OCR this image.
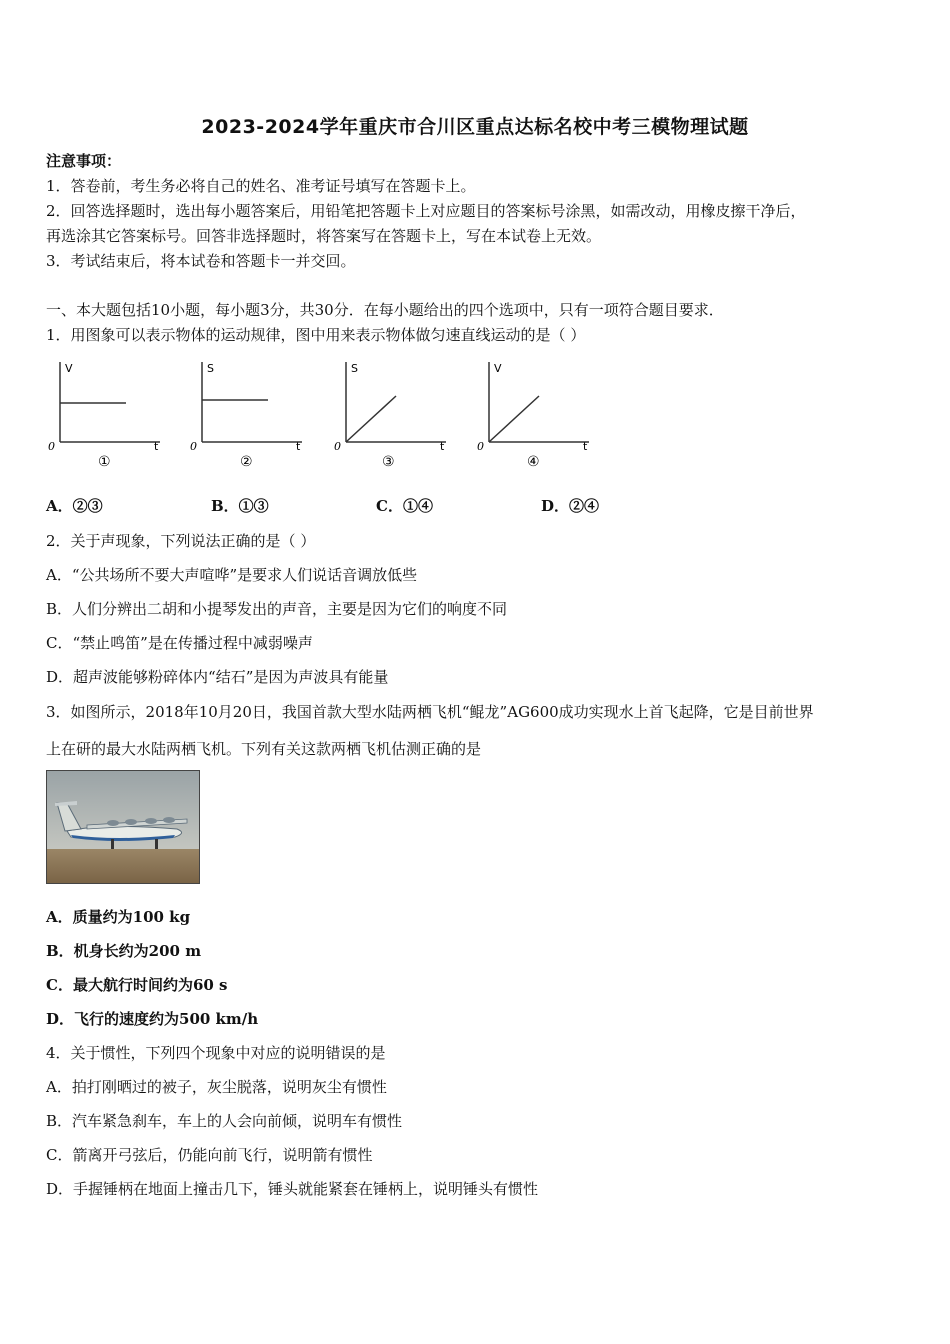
2023-2024学年重庆市合川区重点达标名校中考三模物理试题
注意事项：
1．答卷前，考生务必将自己的姓名、准考证号填写在答题卡上。
2．回答选择题时，选出每小题答案后，用铅笔把答题卡上对应题目的答案标号涂黑，如需改动，用橡皮擦干净后，
再选涂其它答案标号。回答非选择题时，将答案写在答题卡上，写在本试卷上无效。
3．考试结束后，将本试卷和答题卡一并交回。
一、本大题包括10小题，每小题3分，共30分．在每小题给出的四个选项中，只有一项符合题目要求．
1．用图象可以表示物体的运动规律，图中用来表示物体做匀速直线运动的是（ ）
V
t
0
①
S
t
0
②
S
t
0
③
V
t
0
④
A．②③	B．①③	C．①④	D．②④
2．关于声现象，下列说法正确的是（ ）
A．“公共场所不要大声喧哗”是要求人们说话音调放低些
B．人们分辨出二胡和小提琴发出的声音，主要是因为它们的响度不同
C．“禁止鸣笛”是在传播过程中减弱噪声
D．超声波能够粉碎体内“结石”是因为声波具有能量
3．如图所示，2018年10月20日，我国首款大型水陆两栖飞机“鲲龙”AG600成功实现水上首飞起降，它是目前世界
上在研的最大水陆两栖飞机。下列有关这款两栖飞机估测正确的是
A．质量约为100 kg
B．机身长约为200 m
C．最大航行时间约为60 s
D．飞行的速度约为500 km/h
4．关于惯性，下列四个现象中对应的说明错误的是
A．拍打刚晒过的被子，灰尘脱落，说明灰尘有惯性
B．汽车紧急刹车，车上的人会向前倾，说明车有惯性
C．箭离开弓弦后，仍能向前飞行，说明箭有惯性
D．手握锤柄在地面上撞击几下，锤头就能紧套在锤柄上，说明锤头有惯性
